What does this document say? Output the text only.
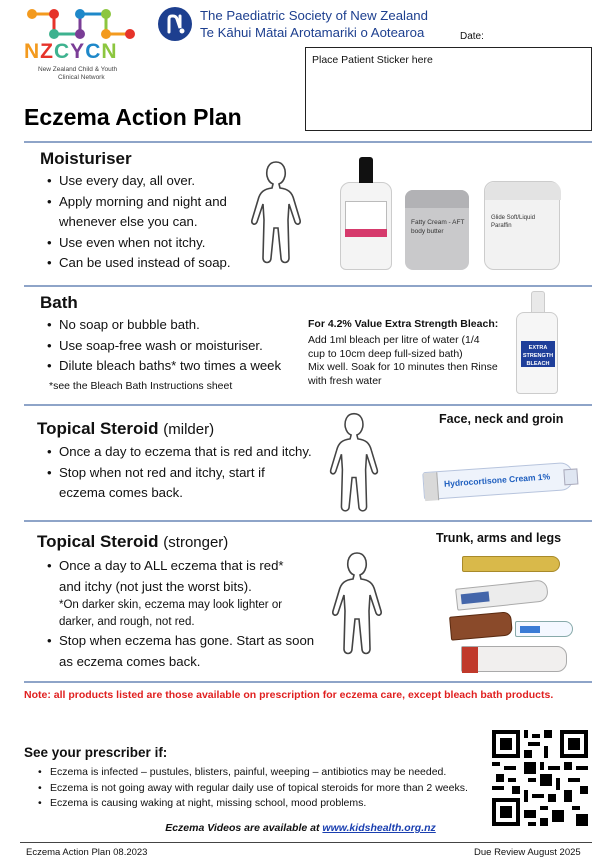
NZCYCN
New Zealand Child & Youth
Clinical Network
The Paediatric Society of New Zealand
Te Kāhui Mātai Arotamariki o Aotearoa	Date:
Place Patient Sticker here
Eczema Action Plan
Moisturiser
• Use every day, all over.
• Apply morning and night and
whenever else you can.
• Use even when not itchy.
• Can be used instead of soap.
Fatty Cream - AFT body butter
Glide Soft/Liquid Paraffin
Bath
• No soap or bubble bath.
• Use soap-free wash or moisturiser.
• Dilute bleach baths* two times a week
*see the Bleach Bath Instructions sheet
For 4.2% Value Extra Strength Bleach:
Add 1ml bleach per litre of water (1/4
cup to 10cm deep full-sized bath)
Mix well. Soak for 10 minutes then Rinse
with fresh water
EXTRA STRENGTH BLEACH
Topical Steroid (milder)
• Once a day to eczema that is red and itchy.
• Stop when not red and itchy, start if
eczema comes back.
Face, neck and groin
Hydrocortisone Cream 1%
Topical Steroid (stronger)
• Once a day to ALL eczema that is red*
and itchy (not just the worst bits).
*On darker skin, eczema may look lighter or
darker, and rough, not red.
• Stop when eczema has gone. Start as soon
as eczema comes back.
Trunk, arms and legs
Note: all products listed are those available on prescription for eczema care, except bleach bath products.
See your prescriber if:
• Eczema is infected – pustules, blisters, painful, weeping – antibiotics may be needed.
• Eczema is not going away with regular daily use of topical steroids for more than 2 weeks.
• Eczema is causing waking at night, missing school, mood problems.
Eczema Videos are available at www.kidshealth.org.nz
Eczema Action Plan 08.2023	Due Review August 2025
